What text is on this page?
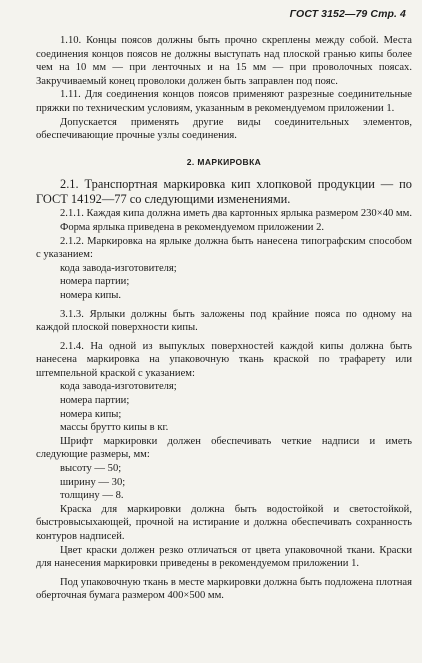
ГОСТ 3152—79 Стр. 4

1.10. Концы поясов должны быть прочно скреплены между собой. Места соединения концов поясов не должны выступать над плоской гранью кипы более чем на 10 мм — при ленточных и на 15 мм — при проволочных поясах. Закручиваемый конец проволоки должен быть заправлен под пояс.

1.11. Для соединения концов поясов применяют разрезные соединительные пряжки по техническим условиям, указанным в рекомендуемом приложении 1.

Допускается применять другие виды соединительных элементов, обеспечивающие прочные узлы соединения.

2. МАРКИРОВКА

2.1. Транспортная маркировка кип хлопковой продукции — по ГОСТ 14192—77 со следующими изменениями.

2.1.1. Каждая кипа должна иметь два картонных ярлыка размером 230×40 мм.

Форма ярлыка приведена в рекомендуемом приложении 2.

2.1.2. Маркировка на ярлыке должна быть нанесена типографским способом с указанием:

кода завода-изготовителя;

номера партии;

номера кипы.

3.1.3. Ярлыки должны быть заложены под крайние пояса по одному на каждой плоской поверхности кипы.

2.1.4. На одной из выпуклых поверхностей каждой кипы должна быть нанесена маркировка на упаковочную ткань краской по трафарету или штемпельной краской с указанием:

кода завода-изготовителя;

номера партии;

номера кипы;

массы брутто кипы в кг.

Шрифт маркировки должен обеспечивать четкие надписи и иметь следующие размеры, мм:

высоту — 50;

ширину — 30;

толщину — 8.

Краска для маркировки должна быть водостойкой и светостойкой, быстровысыхающей, прочной на истирание и должна обеспечивать сохранность контуров надписей.

Цвет краски должен резко отличаться от цвета упаковочной ткани. Краски для нанесения маркировки приведены в рекомендуемом приложении 1.

Под упаковочную ткань в месте маркировки должна быть подложена плотная оберточная бумага размером 400×500 мм.
